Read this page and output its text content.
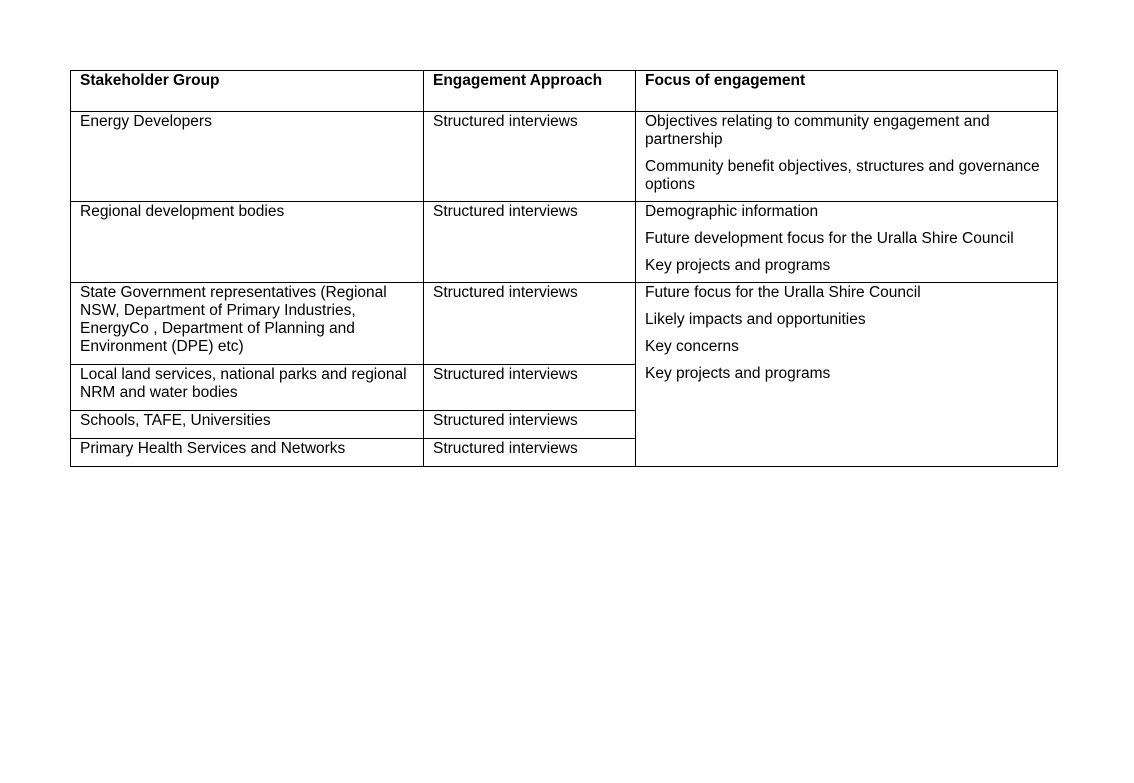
Stakeholder Group	Engagement Approach	Focus of engagement
Energy Developers	Structured interviews	Objectives relating to community engagement and partnership
Community benefit objectives, structures and governance options

Regional development bodies	Structured interviews	Demographic information
Future development focus for the Uralla Shire Council
Key projects and programs

State Government representatives (Regional NSW, Department of Primary Industries, EnergyCo , Department of Planning and Environment (DPE) etc)	Structured interviews	Future focus for the Uralla Shire Council
Likely impacts and opportunities
Key concerns
Key projects and programs

Local land services, national parks and regional NRM and water bodies	Structured interviews	
Schools, TAFE, Universities	Structured interviews	
Primary Health Services and Networks	Structured interviews	
